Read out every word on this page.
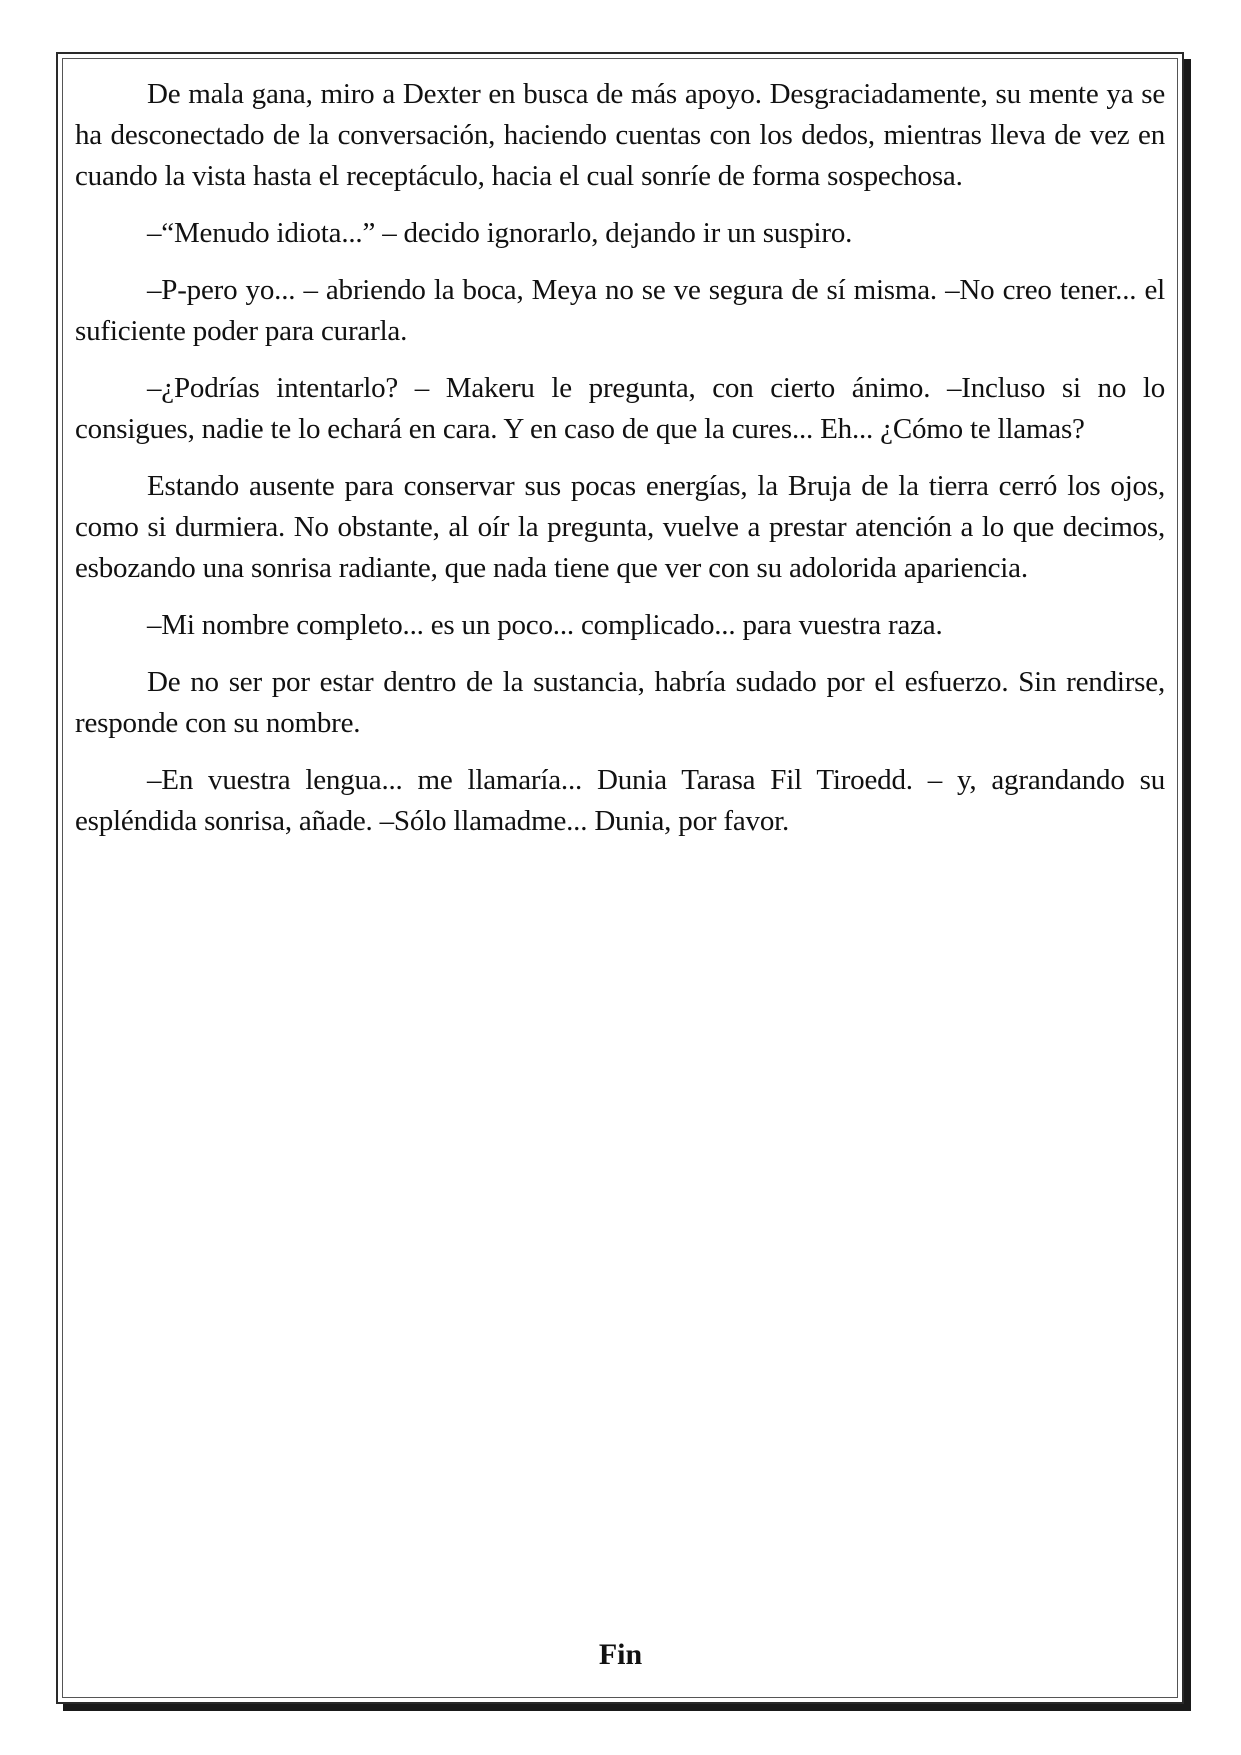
De mala gana, miro a Dexter en busca de más apoyo. Desgraciadamente, su mente ya se ha desconectado de la conversación, haciendo cuentas con los dedos, mientras lleva de vez en cuando la vista hasta el receptáculo, hacia el cual sonríe de forma sospechosa.

–“Menudo idiota...” – decido ignorarlo, dejando ir un suspiro.

–P-pero yo... – abriendo la boca, Meya no se ve segura de sí misma. –No creo tener... el suficiente poder para curarla.

–¿Podrías intentarlo? – Makeru le pregunta, con cierto ánimo. –Incluso si no lo consigues, nadie te lo echará en cara. Y en caso de que la cures... Eh... ¿Cómo te llamas?

Estando ausente para conservar sus pocas energías, la Bruja de la tierra cerró los ojos, como si durmiera. No obstante, al oír la pregunta, vuelve a prestar atención a lo que decimos, esbozando una sonrisa radiante, que nada tiene que ver con su adolorida apariencia.

–Mi nombre completo... es un poco... complicado... para vuestra raza.

De no ser por estar dentro de la sustancia, habría sudado por el esfuerzo. Sin rendirse, responde con su nombre.

–En vuestra lengua... me llamaría... Dunia Tarasa Fil Tiroedd. – y, agrandando su espléndida sonrisa, añade. –Sólo llamadme... Dunia, por favor.

Fin
